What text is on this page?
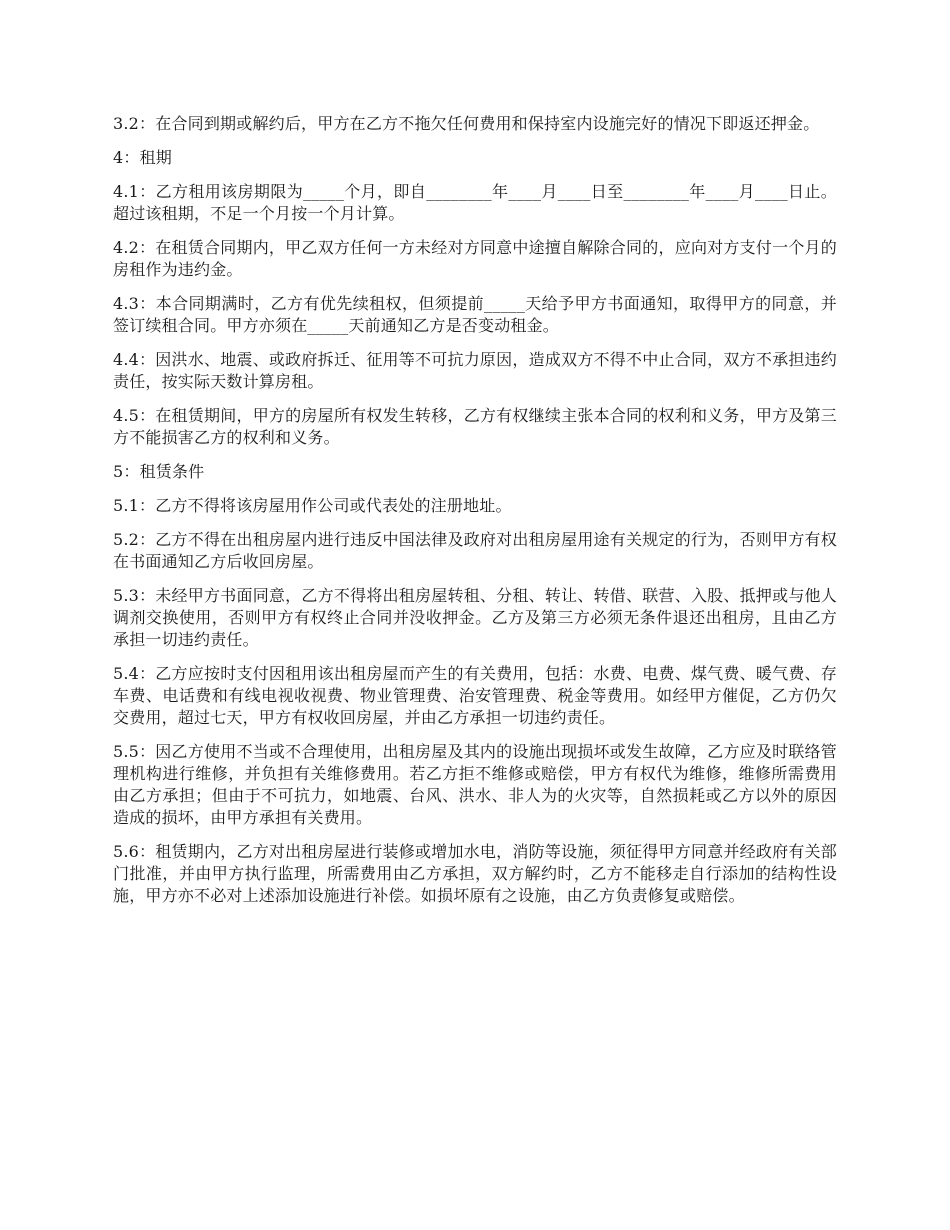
3.2：在合同到期或解约后，甲方在乙方不拖欠任何费用和保持室内设施完好的情况下即返还押金。

4：租期

4.1：乙方租用该房期限为_____个月，即自________年____月____日至________年____月____日止。超过该租期，不足一个月按一个月计算。

4.2：在租赁合同期内，甲乙双方任何一方未经对方同意中途擅自解除合同的，应向对方支付一个月的房租作为违约金。

4.3：本合同期满时，乙方有优先续租权，但须提前_____天给予甲方书面通知，取得甲方的同意，并签订续租合同。甲方亦须在_____天前通知乙方是否变动租金。

4.4：因洪水、地震、或政府拆迁、征用等不可抗力原因，造成双方不得不中止合同，双方不承担违约责任，按实际天数计算房租。

4.5：在租赁期间，甲方的房屋所有权发生转移，乙方有权继续主张本合同的权利和义务，甲方及第三方不能损害乙方的权利和义务。

5：租赁条件

5.1：乙方不得将该房屋用作公司或代表处的注册地址。

5.2：乙方不得在出租房屋内进行违反中国法律及政府对出租房屋用途有关规定的行为，否则甲方有权在书面通知乙方后收回房屋。

5.3：未经甲方书面同意，乙方不得将出租房屋转租、分租、转让、转借、联营、入股、抵押或与他人调剂交换使用，否则甲方有权终止合同并没收押金。乙方及第三方必须无条件退还出租房，且由乙方承担一切违约责任。

5.4：乙方应按时支付因租用该出租房屋而产生的有关费用，包括：水费、电费、煤气费、暖气费、存车费、电话费和有线电视收视费、物业管理费、治安管理费、税金等费用。如经甲方催促，乙方仍欠交费用，超过七天，甲方有权收回房屋，并由乙方承担一切违约责任。

5.5：因乙方使用不当或不合理使用，出租房屋及其内的设施出现损坏或发生故障，乙方应及时联络管理机构进行维修，并负担有关维修费用。若乙方拒不维修或赔偿，甲方有权代为维修，维修所需费用由乙方承担；但由于不可抗力，如地震、台风、洪水、非人为的火灾等，自然损耗或乙方以外的原因造成的损坏，由甲方承担有关费用。

5.6：租赁期内，乙方对出租房屋进行装修或增加水电，消防等设施，须征得甲方同意并经政府有关部门批准，并由甲方执行监理，所需费用由乙方承担，双方解约时，乙方不能移走自行添加的结构性设施，甲方亦不必对上述添加设施进行补偿。如损坏原有之设施，由乙方负责修复或赔偿。
